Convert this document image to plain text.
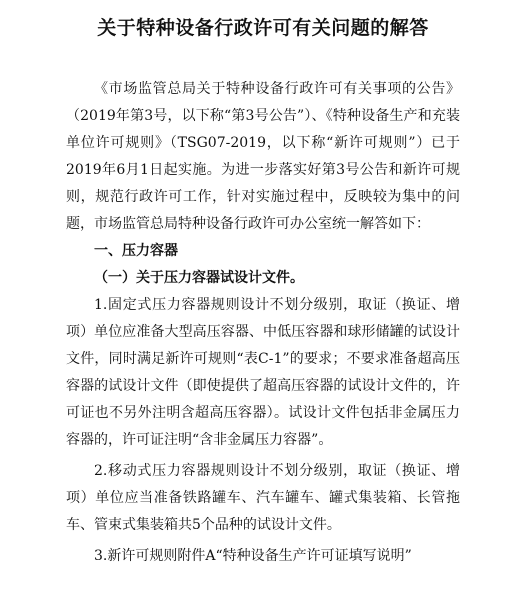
关于特种设备行政许可有关问题的解答

《市场监管总局关于特种设备行政许可有关事项的公告》（2019年第3号，以下称“第3号公告”）、《特种设备生产和充装单位许可规则》（TSG07-2019，以下称“新许可规则”）已于2019年6月1日起实施。为进一步落实好第3号公告和新许可规则，规范行政许可工作，针对实施过程中，反映较为集中的问题，市场监管总局特种设备行政许可办公室统一解答如下：

一、压力容器

（一）关于压力容器试设计文件。

1.固定式压力容器规则设计不划分级别，取证（换证、增项）单位应准备大型高压容器、中低压容器和球形储罐的试设计文件，同时满足新许可规则“表C-1”的要求；不要求准备超高压容器的试设计文件（即使提供了超高压容器的试设计文件的，许可证也不另外注明含超高压容器）。试设计文件包括非金属压力容器的，许可证注明“含非金属压力容器”。

2.移动式压力容器规则设计不划分级别，取证（换证、增项）单位应当准备铁路罐车、汽车罐车、罐式集装箱、长管拖车、管束式集装箱共5个品种的试设计文件。

3.新许可规则附件A“特种设备生产许可证填写说明”
